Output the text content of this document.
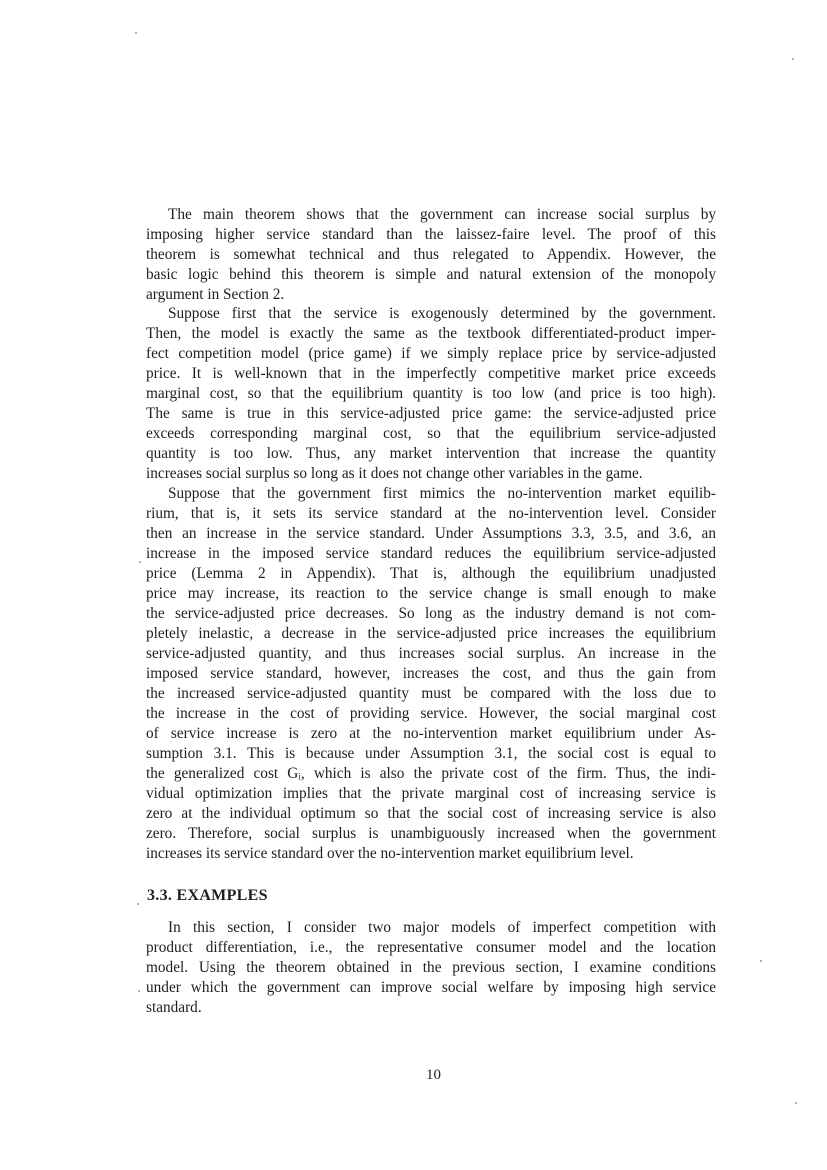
The main theorem shows that the government can increase social surplus by
imposing higher service standard than the laissez-faire level. The proof of this
theorem is somewhat technical and thus relegated to Appendix. However, the
basic logic behind this theorem is simple and natural extension of the monopoly
argument in Section 2.
Suppose first that the service is exogenously determined by the government.
Then, the model is exactly the same as the textbook differentiated-product imper-
fect competition model (price game) if we simply replace price by service-adjusted
price. It is well-known that in the imperfectly competitive market price exceeds
marginal cost, so that the equilibrium quantity is too low (and price is too high).
The same is true in this service-adjusted price game: the service-adjusted price
exceeds corresponding marginal cost, so that the equilibrium service-adjusted
quantity is too low. Thus, any market intervention that increase the quantity
increases social surplus so long as it does not change other variables in the game.
Suppose that the government first mimics the no-intervention market equilib-
rium, that is, it sets its service standard at the no-intervention level. Consider
then an increase in the service standard. Under Assumptions 3.3, 3.5, and 3.6, an
increase in the imposed service standard reduces the equilibrium service-adjusted
price (Lemma 2 in Appendix). That is, although the equilibrium unadjusted
price may increase, its reaction to the service change is small enough to make
the service-adjusted price decreases. So long as the industry demand is not com-
pletely inelastic, a decrease in the service-adjusted price increases the equilibrium
service-adjusted quantity, and thus increases social surplus. An increase in the
imposed service standard, however, increases the cost, and thus the gain from
the increased service-adjusted quantity must be compared with the loss due to
the increase in the cost of providing service. However, the social marginal cost
of service increase is zero at the no-intervention market equilibrium under As-
sumption 3.1. This is because under Assumption 3.1, the social cost is equal to
the generalized cost Gᵢ, which is also the private cost of the firm. Thus, the indi-
vidual optimization implies that the private marginal cost of increasing service is
zero at the individual optimum so that the social cost of increasing service is also
zero. Therefore, social surplus is unambiguously increased when the government
increases its service standard over the no-intervention market equilibrium level.
3.3. EXAMPLES
In this section, I consider two major models of imperfect competition with
product differentiation, i.e., the representative consumer model and the location
model. Using the theorem obtained in the previous section, I examine conditions
under which the government can improve social welfare by imposing high service
standard.
10
